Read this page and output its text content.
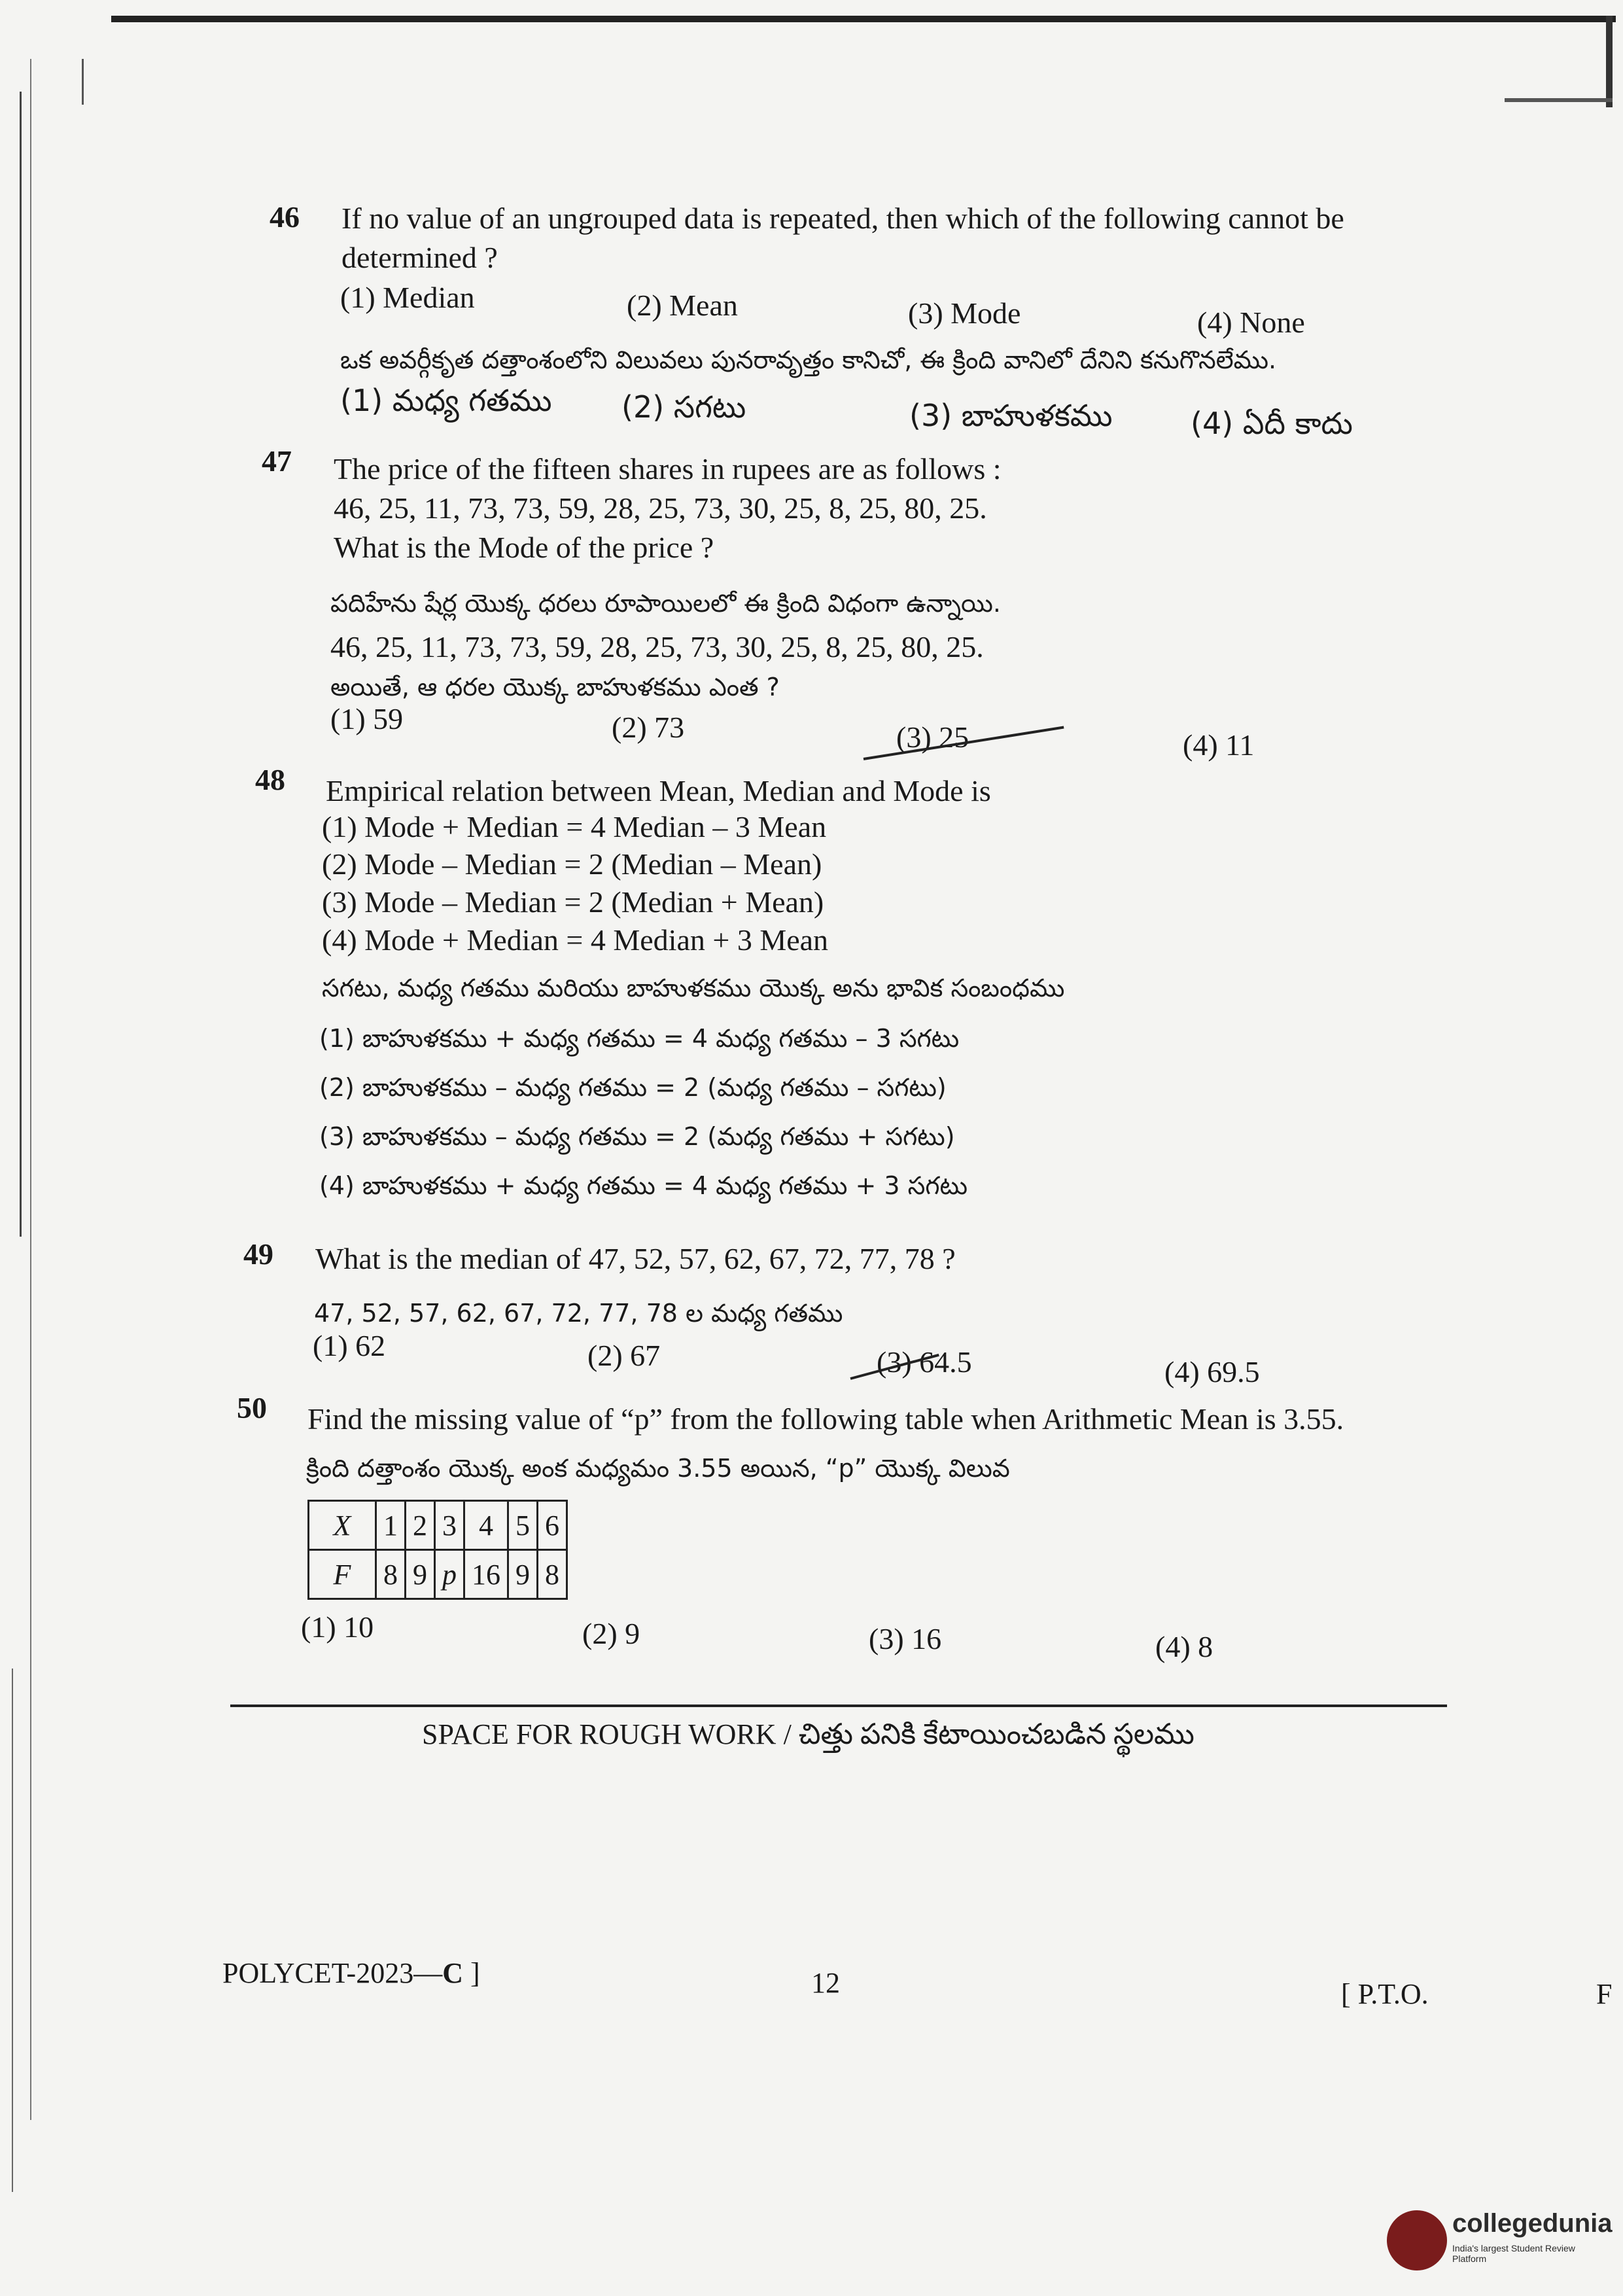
46 If no value of an ungrouped data is repeated, then which of the following cannot be
determined ?
(1) Median	(2) Mean	(3) Mode	(4) None
ఒక అవర్గీకృత దత్తాంశంలోని విలువలు పునరావృత్తం కానిచో, ఈ క్రింది వానిలో దేనిని కనుగొనలేము.
(1) మధ్య గతము (2) సగటు	(3) బాహుళకము	(4) ఏదీ కాదు
47 The price of the fifteen shares in rupees are as follows :
46, 25, 11, 73, 73, 59, 28, 25, 73, 30, 25, 8, 25, 80, 25.
What is the Mode of the price ?
పదిహేను షేర్ల యొక్క ధరలు రూపాయిలలో ఈ క్రింది విధంగా ఉన్నాయి.
46, 25, 11, 73, 73, 59, 28, 25, 73, 30, 25, 8, 25, 80, 25.
అయితే, ఆ ధరల యొక్క బాహుళకము ఎంత ?
(1) 59	(2) 73	(3) 25	(4) 11
48 Empirical relation between Mean, Median and Mode is
(1) Mode + Median = 4 Median – 3 Mean
(2) Mode – Median = 2 (Median – Mean)
(3) Mode – Median = 2 (Median + Mean)
(4) Mode + Median = 4 Median + 3 Mean
సగటు, మధ్య గతము మరియు బాహుళకము యొక్క అను భావిక సంబంధము
(1) బాహుళకము + మధ్య గతము = 4 మధ్య గతము – 3 సగటు
(2) బాహుళకము – మధ్య గతము = 2 (మధ్య గతము – సగటు)
(3) బాహుళకము – మధ్య గతము = 2 (మధ్య గతము + సగటు)
(4) బాహుళకము + మధ్య గతము = 4 మధ్య గతము + 3 సగటు
49 What is the median of 47, 52, 57, 62, 67, 72, 77, 78 ?
47, 52, 57, 62, 67, 72, 77, 78 ల మధ్య గతము
(1) 62	(2) 67	(3) 64.5	(4) 69.5
50 Find the missing value of “p” from the following table when Arithmetic Mean is 3.55.
క్రింది దత్తాంశం యొక్క అంక మధ్యమం 3.55 అయిన, “p” యొక్క విలువ
X	1	2	3	4	5	6
F	8	9	p	16	9	8
(1) 10	(2) 9	(3) 16	(4) 8
SPACE FOR ROUGH WORK / చిత్తు పనికి కేటాయించబడిన స్థలము
POLYCET-2023—C ]	12	[ P.T.O.	F
collegedunia
India's largest Student Review Platform
